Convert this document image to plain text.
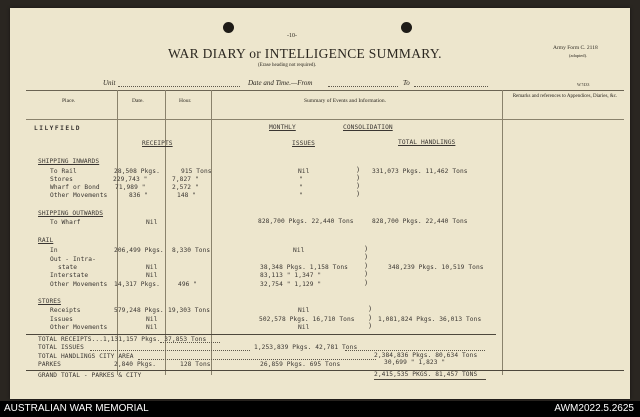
-10-
WAR DIARY or INTELLIGENCE SUMMARY.
(Erase heading not required).
Army Form C. 2118
(adapted).
Unit	Date and Time.—From	To	W.7433
Place.	Date.	Hour.	Summary of Events and Information.
Remarks and references to Appendices, Diaries, &c.
LILYFIELD	MONTHLY	CONSOLIDATION
RECEIPTS	ISSUES	TOTAL HANDLINGS
SHIPPING INWARDS
To Rail	28,508 Pkgs.	915 Tons	Nil
Stores	229,743 "	7,827 "	"
Wharf or Bond 71,989 "	2,572 "	"
Other Movements	836 "	148 "	"
)
)
)
)
331,073 Pkgs. 11,462 Tons
SHIPPING OUTWARDS
To Wharf	Nil	828,700 Pkgs. 22,440 Tons	828,700 Pkgs. 22,440 Tons
RAIL
In	206,499 Pkgs. 8,330 Tons	Nil
Out - Intra-
state	Nil	38,348 Pkgs. 1,158 Tons
Interstate	Nil	83,113 " 1,347 "
Other Movements 14,317 Pkgs.	496 "	32,754 " 1,129 "
)
)
)
)
)
348,239 Pkgs. 10,519 Tons
STORES
Receipts	579,248 Pkgs. 19,303 Tons	Nil
Issues	Nil	502,578 Pkgs. 16,710 Tons
Other Movements	Nil	Nil
)
)
)
1,081,824 Pkgs. 36,013 Tons
TOTAL RECEIPTS...1,131,157 Pkgs. 37,853 Tons
TOTAL ISSUES	1,253,839 Pkgs. 42,781 Tons
TOTAL HANDLINGS CITY AREA	2,384,836 Pkgs. 80,634 Tons
PARKES	2,840 Pkgs.	128 Tons	26,859 Pkgs. 695 Tons	30,699 " 1,823 "
GRAND TOTAL - PARKES & CITY	2,415,535 PKGS. 81,457 TONS
AUSTRALIAN WAR MEMORIAL	AWM2022.5.2625
